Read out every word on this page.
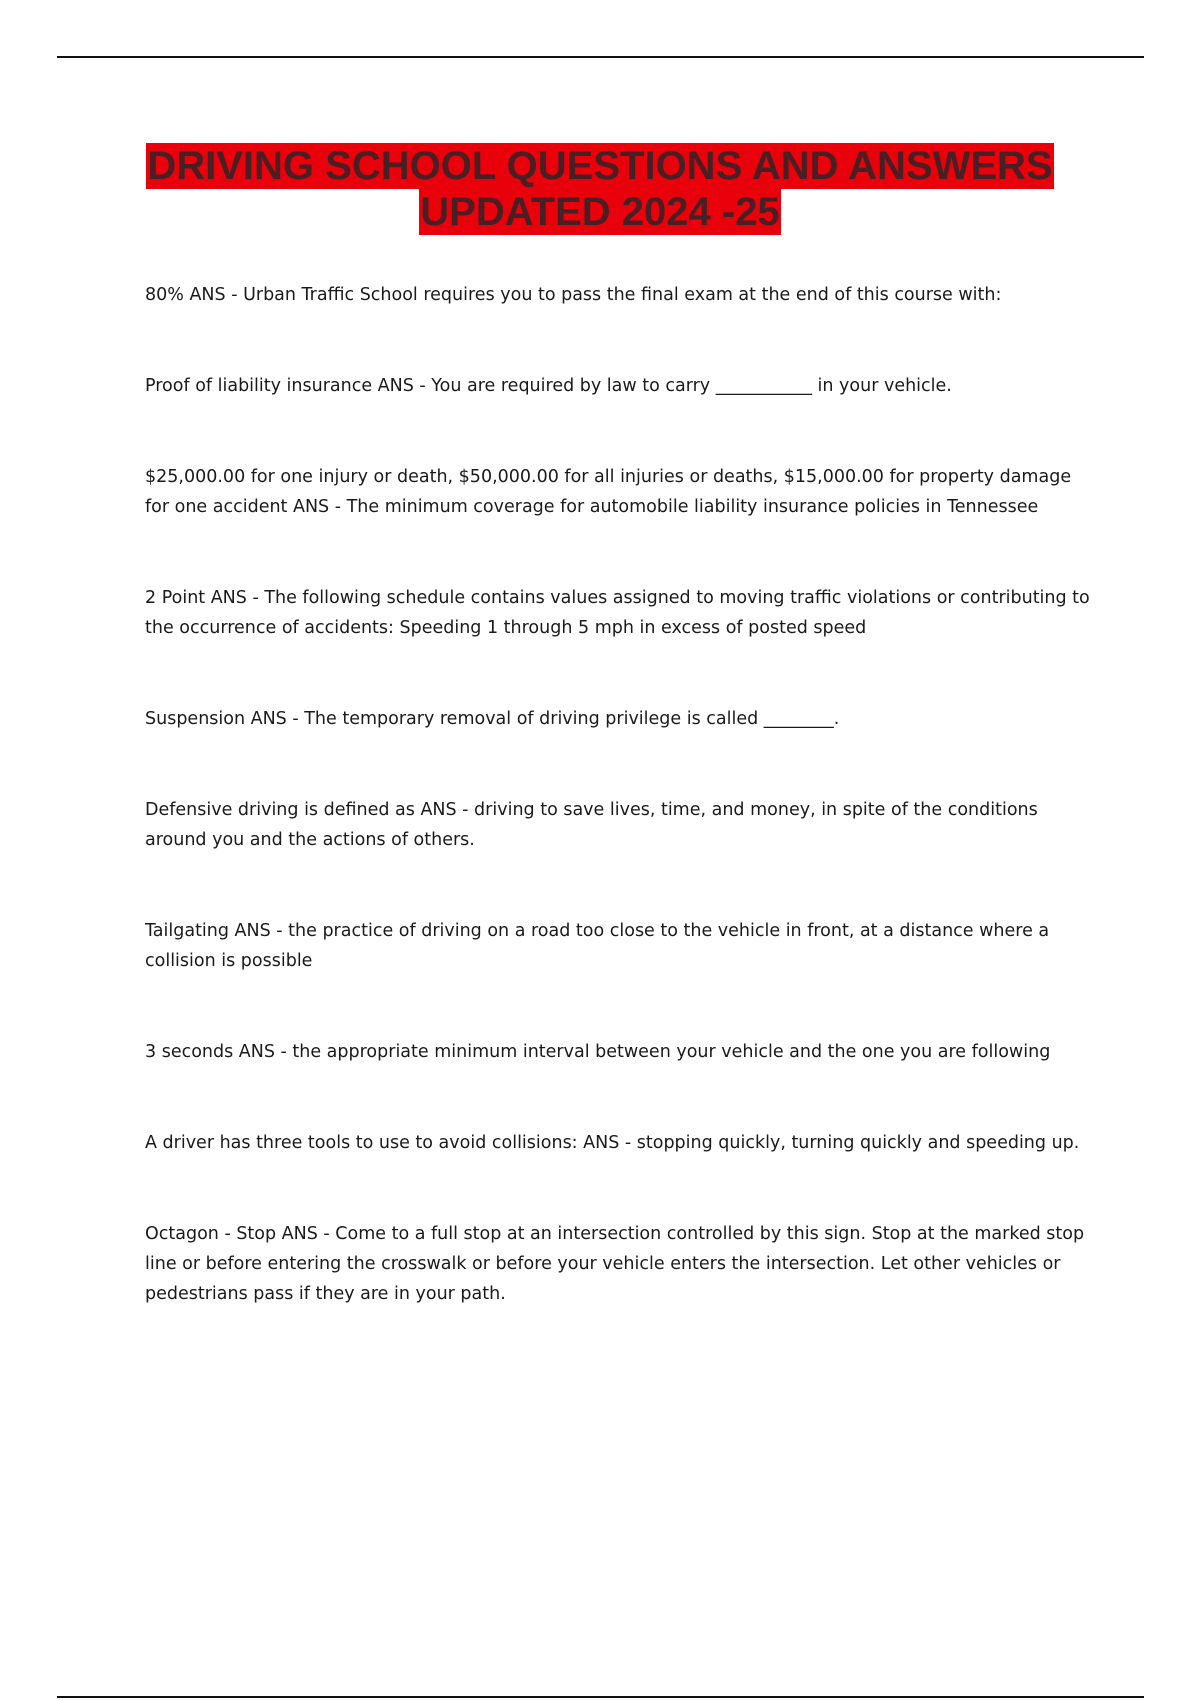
DRIVING SCHOOL QUESTIONS AND ANSWERS
UPDATED 2024 -25

80% ANS - Urban Traffic School requires you to pass the final exam at the end of this course with:

Proof of liability insurance ANS - You are required by law to carry ___________ in your vehicle.

$25,000.00 for one injury or death, $50,000.00 for all injuries or deaths, $15,000.00 for property damage for one accident ANS - The minimum coverage for automobile liability insurance policies in Tennessee

2 Point ANS - The following schedule contains values assigned to moving traffic violations or contributing to the occurrence of accidents: Speeding 1 through 5 mph in excess of posted speed

Suspension ANS - The temporary removal of driving privilege is called ________.

Defensive driving is defined as ANS - driving to save lives, time, and money, in spite of the conditions around you and the actions of others.

Tailgating ANS - the practice of driving on a road too close to the vehicle in front, at a distance where a collision is possible

3 seconds ANS - the appropriate minimum interval between your vehicle and the one you are following

A driver has three tools to use to avoid collisions: ANS - stopping quickly, turning quickly and speeding up.

Octagon - Stop ANS - Come to a full stop at an intersection controlled by this sign. Stop at the marked stop line or before entering the crosswalk or before your vehicle enters the intersection. Let other vehicles or pedestrians pass if they are in your path.
